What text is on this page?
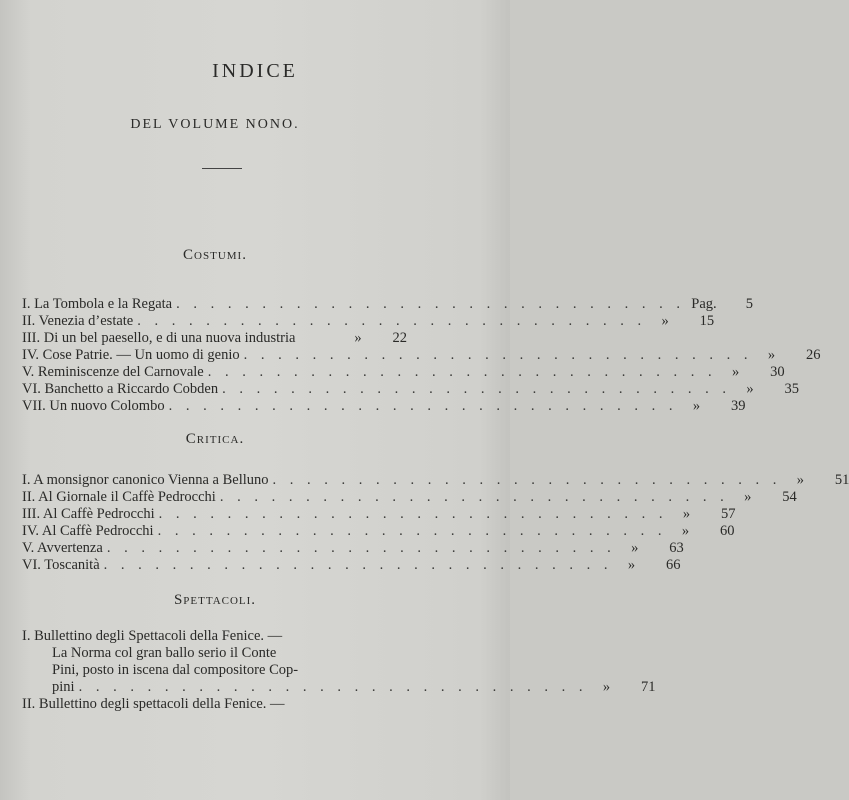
INDICE
DEL VOLUME NONO.
Costumi.
I. La Tombola e la Regata . . . . . . . . . . . . . . . . . . . . . . . . . . . . . . Pag.	5
II. Venezia d’estate . . . . . . . . . . . . . . . . . . . . . . . . . . . . . .	»	15
III. Di un bel paesello, e di una nuova industria	»	22
IV. Cose Patrie. — Un uomo di genio . . . . . . . . . . . . . . . . . . . . . . . . . . . . . .	»	26
V. Reminiscenze del Carnovale . . . . . . . . . . . . . . . . . . . . . . . . . . . . . .	»	30
VI. Banchetto a Riccardo Cobden . . . . . . . . . . . . . . . . . . . . . . . . . . . . . .	»	35
VII. Un nuovo Colombo . . . . . . . . . . . . . . . . . . . . . . . . . . . . . .	»	39
Critica.
I. A monsignor canonico Vienna a Belluno . . . . . . . . . . . . . . . . . . . . . . . . . . . . . .	»	51
II. Al Giornale il Caffè Pedrocchi . . . . . . . . . . . . . . . . . . . . . . . . . . . . . .	»	54
III. Al Caffè Pedrocchi . . . . . . . . . . . . . . . . . . . . . . . . . . . . . .	»	57
IV. Al Caffè Pedrocchi . . . . . . . . . . . . . . . . . . . . . . . . . . . . . .	»	60
V. Avvertenza . . . . . . . . . . . . . . . . . . . . . . . . . . . . . .	»	63
VI. Toscanità . . . . . . . . . . . . . . . . . . . . . . . . . . . . . .	»	66
Spettacoli.
I. Bullettino degli Spettacoli della Fenice. —
La Norma col gran ballo serio il Conte
Pini, posto in iscena dal compositore Cop-
pini . . . . . . . . . . . . . . . . . . . . . . . . . . . . . .	»	71
II. Bullettino degli spettacoli della Fenice. —
